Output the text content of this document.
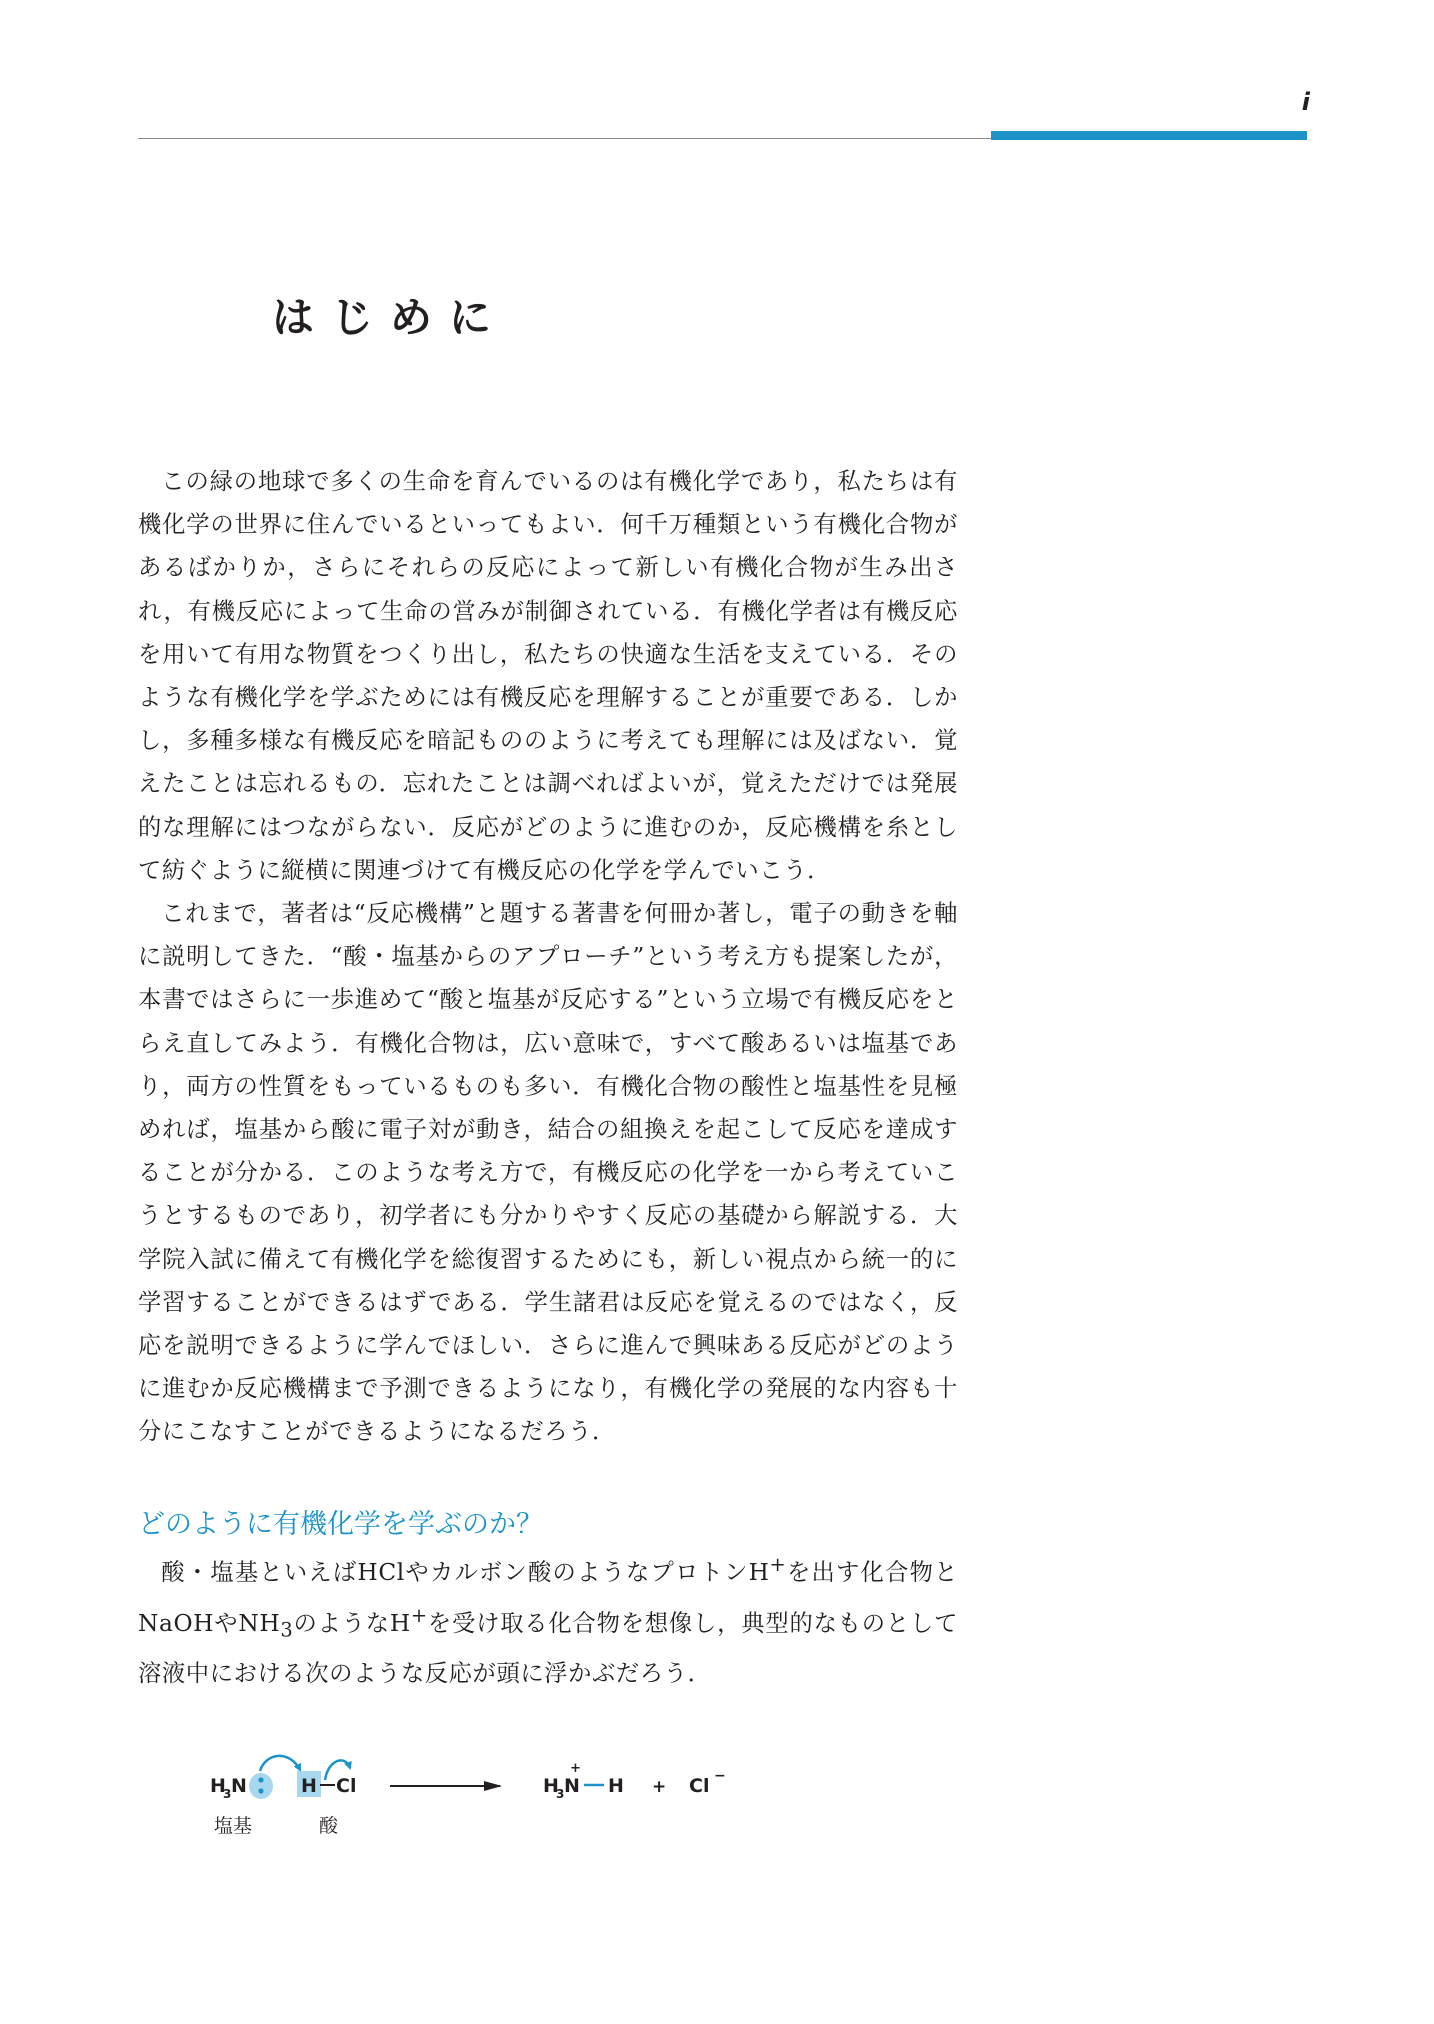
i
はじめに

この緑の地球で多くの生命を育んでいるのは有機化学であり，私たちは有機化学の世界に住んでいるといってもよい．何千万種類という有機化合物があるばかりか，さらにそれらの反応によって新しい有機化合物が生み出され，有機反応によって生命の営みが制御されている．有機化学者は有機反応を用いて有用な物質をつくり出し，私たちの快適な生活を支えている．そのような有機化学を学ぶためには有機反応を理解することが重要である．しかし，多種多様な有機反応を暗記もののように考えても理解には及ばない．覚えたことは忘れるもの．忘れたことは調べればよいが，覚えただけでは発展的な理解にはつながらない．反応がどのように進むのか，反応機構を糸として紡ぐように縦横に関連づけて有機反応の化学を学んでいこう．

これまで，著者は“反応機構”と題する著書を何冊か著し，電子の動きを軸に説明してきた．“酸・塩基からのアプローチ”という考え方も提案したが，本書ではさらに一歩進めて“酸と塩基が反応する”という立場で有機反応をとらえ直してみよう．有機化合物は，広い意味で，すべて酸あるいは塩基であり，両方の性質をもっているものも多い．有機化合物の酸性と塩基性を見極めれば，塩基から酸に電子対が動き，結合の組換えを起こして反応を達成することが分かる．このような考え方で，有機反応の化学を一から考えていこうとするものであり，初学者にも分かりやすく反応の基礎から解説する．大学院入試に備えて有機化学を総復習するためにも，新しい視点から統一的に学習することができるはずである．学生諸君は反応を覚えるのではなく，反応を説明できるように学んでほしい．さらに進んで興味ある反応がどのように進むか反応機構まで予測できるようになり，有機化学の発展的な内容も十分にこなすことができるようになるだろう．

どのように有機化学を学ぶのか？

酸・塩基といえばHClやカルボン酸のようなプロトンH+を出す化合物とNaOHや$NH_3$のようなH+を受け取る化合物を想像し，典型的なものとして溶液中における次のような反応が頭に浮かぶだろう．

H
3 N	H Cl	H
3 N
+
H + Cl −
塩基	酸
